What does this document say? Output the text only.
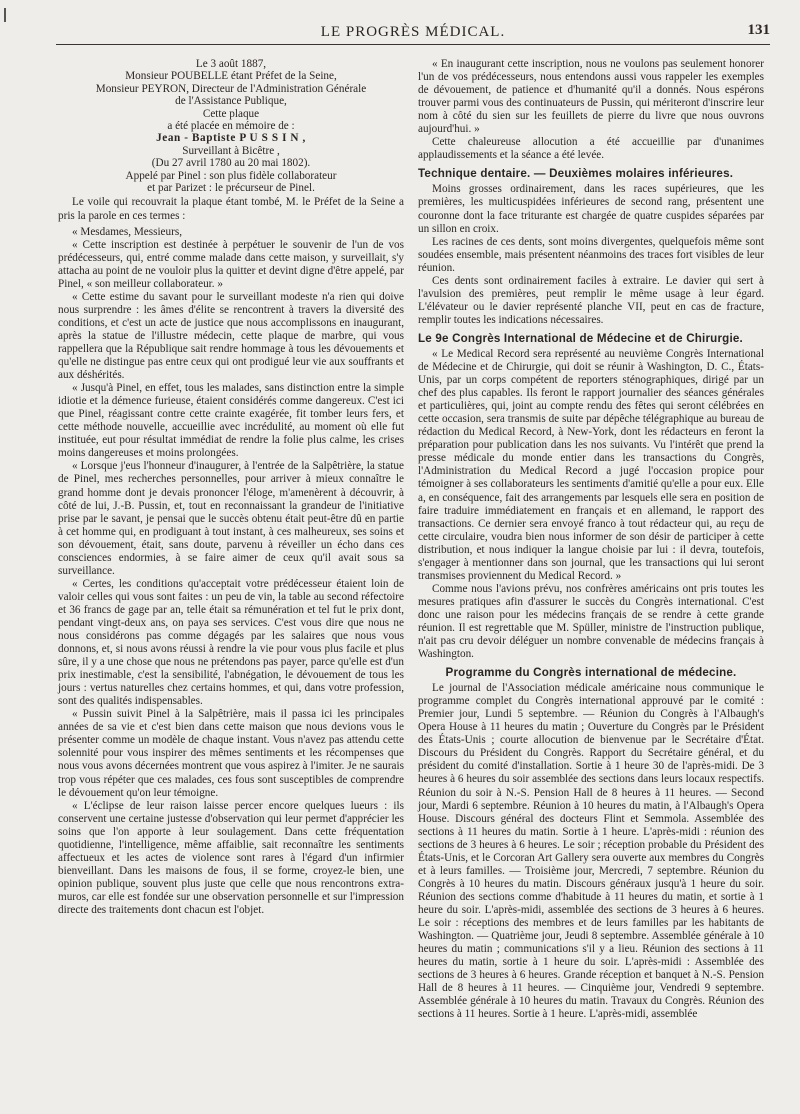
LE PROGRÈS MÉDICAL.	131

Le 3 août 1887,

Monsieur POUBELLE étant Préfet de la Seine,

Monsieur PEYRON, Directeur de l'Administration Générale

de l'Assistance Publique,

Cette plaque

a été placée en mémoire de :

Jean - Baptiste P U S S I N ,

Surveillant à Bicêtre ,

(Du 27 avril 1780 au 20 mai 1802).

Appelé par Pinel : son plus fidèle collaborateur

et par Parizet : le précurseur de Pinel.

Le voile qui recouvrait la plaque étant tombé, M. le Préfet de la Seine a pris la parole en ces termes :

« Mesdames, Messieurs,

« Cette inscription est destinée à perpétuer le souvenir de l'un de vos prédécesseurs, qui, entré comme malade dans cette maison, y surveillait, s'y attacha au point de ne vouloir plus la quitter et devint digne d'être appelé, par Pinel, « son meilleur collaborateur. »

« Cette estime du savant pour le surveillant modeste n'a rien qui doive nous surprendre : les âmes d'élite se rencontrent à travers la diversité des conditions, et c'est un acte de justice que nous accomplissons en inaugurant, après la statue de l'illustre médecin, cette plaque de marbre, qui vous rappellera que la République sait rendre hommage à tous les dévouements et qu'elle ne distingue pas entre ceux qui ont prodigué leur vie aux souffrants et aux déshérités.

« Jusqu'à Pinel, en effet, tous les malades, sans distinction entre la simple idiotie et la démence furieuse, étaient considérés comme dangereux. C'est ici que Pinel, réagissant contre cette crainte exagérée, fit tomber leurs fers, et cette méthode nouvelle, accueillie avec incrédulité, au moment où elle fut instituée, eut pour résultat immédiat de rendre la folie plus calme, les crises moins dangereuses et moins prolongées.

« Lorsque j'eus l'honneur d'inaugurer, à l'entrée de la Salpêtrière, la statue de Pinel, mes recherches personnelles, pour arriver à mieux connaître le grand homme dont je devais prononcer l'éloge, m'amenèrent à découvrir, à côté de lui, J.-B. Pussin, et, tout en reconnaissant la grandeur de l'initiative prise par le savant, je pensai que le succès obtenu était peut-être dû en partie à cet homme qui, en prodiguant à tout instant, à ces malheureux, ses soins et son dévouement, était, sans doute, parvenu à réveiller un écho dans ces consciences endormies, à se faire aimer de ceux qu'il avait sous sa surveillance.

« Certes, les conditions qu'acceptait votre prédécesseur étaient loin de valoir celles qui vous sont faites : un peu de vin, la table au second réfectoire et 36 francs de gage par an, telle était sa rémunération et tel fut le prix dont, pendant vingt-deux ans, on paya ses services. C'est vous dire que nous ne nous considérons pas comme dégagés par les salaires que nous vous donnons, et, si nous avons réussi à rendre la vie pour vous plus facile et plus sûre, il y a une chose que nous ne prétendons pas payer, parce qu'elle est d'un prix inestimable, c'est la sensibilité, l'abnégation, le dévouement de tous les jours : vertus naturelles chez certains hommes, et qui, dans votre profession, sont des qualités indispensables.

« Pussin suivit Pinel à la Salpêtrière, mais il passa ici les principales années de sa vie et c'est bien dans cette maison que nous devions vous le présenter comme un modèle de chaque instant. Vous n'avez pas attendu cette solennité pour vous inspirer des mêmes sentiments et les récompenses que nous vous avons décernées montrent que vous aspirez à l'imiter. Je ne saurais trop vous répéter que ces malades, ces fous sont susceptibles de comprendre le dévouement qu'on leur témoigne.

« L'éclipse de leur raison laisse percer encore quelques lueurs : ils conservent une certaine justesse d'observation qui leur permet d'apprécier les soins que l'on apporte à leur soulagement. Dans cette fréquentation quotidienne, l'intelligence, même affaiblie, sait reconnaître les sentiments affectueux et les actes de violence sont rares à l'égard d'un infirmier bienveillant. Dans les maisons de fous, il se forme, croyez-le bien, une opinion publique, souvent plus juste que celle que nous rencontrons extra-muros, car elle est fondée sur une observation personnelle et sur l'impression directe des traitements dont chacun est l'objet.

« En inaugurant cette inscription, nous ne voulons pas seulement honorer l'un de vos prédécesseurs, nous entendons aussi vous rappeler les exemples de dévouement, de patience et d'humanité qu'il a donnés. Nous espérons trouver parmi vous des continuateurs de Pussin, qui mériteront d'inscrire leur nom à côté du sien sur les feuillets de pierre du livre que nous ouvrons aujourd'hui. »

Cette chaleureuse allocution a été accueillie par d'unanimes applaudissements et la séance a été levée.

Technique dentaire. — Deuxièmes molaires inférieures.

Moins grosses ordinairement, dans les races supérieures, que les premières, les multicuspidées inférieures de second rang, présentent une couronne dont la face triturante est chargée de quatre cuspides séparées par un sillon en croix.

Les racines de ces dents, sont moins divergentes, quelquefois même sont soudées ensemble, mais présentent néanmoins des traces fort visibles de leur réunion.

Ces dents sont ordinairement faciles à extraire. Le davier qui sert à l'avulsion des premières, peut remplir le même usage à leur égard. L'élévateur ou le davier représenté planche VII, peut en cas de fracture, remplir toutes les indications nécessaires.

Le 9e Congrès International de Médecine et de Chirurgie.

« Le Medical Record sera représenté au neuvième Congrès International de Médecine et de Chirurgie, qui doit se réunir à Washington, D. C., États-Unis, par un corps compétent de reporters sténographiques, dirigé par un chef des plus capables. Ils feront le rapport journalier des séances générales et particulières, qui, joint au compte rendu des fêtes qui seront célébrées en cette occasion, sera transmis de suite par dépêche télégraphique au bureau de rédaction du Medical Record, à New-York, dont les rédacteurs en feront la préparation pour publication dans les nos suivants. Vu l'intérêt que prend la presse médicale du monde entier dans les transactions du Congrès, l'Administration du Medical Record a jugé l'occasion propice pour témoigner à ses collaborateurs les sentiments d'amitié qu'elle a pour eux. Elle a, en conséquence, fait des arrangements par lesquels elle sera en position de faire traduire immédiatement en français et en allemand, le rapport des transactions. Ce dernier sera envoyé franco à tout rédacteur qui, au reçu de cette circulaire, voudra bien nous informer de son désir de participer à cette distribution, et nous indiquer la langue choisie par lui : il devra, toutefois, s'engager à mentionner dans son journal, que les transactions qui lui seront transmises proviennent du Medical Record. »

Comme nous l'avions prévu, nos confrères américains ont pris toutes les mesures pratiques afin d'assurer le succès du Congrès international. C'est donc une raison pour les médecins français de se rendre à cette grande réunion. Il est regrettable que M. Spüller, ministre de l'instruction publique, n'ait pas cru devoir déléguer un nombre convenable de médecins français à Washington.

Programme du Congrès international de médecine.

Le journal de l'Association médicale américaine nous communique le programme complet du Congrès international approuvé par le comité : Premier jour, Lundi 5 septembre. — Réunion du Congrès à l'Albaugh's Opera House à 11 heures du matin ; Ouverture du Congrès par le Président des États-Unis ; courte allocution de bienvenue par le Secrétaire d'État. Discours du Président du Congrès. Rapport du Secrétaire général, et du président du comité d'installation. Sortie à 1 heure 30 de l'après-midi. De 3 heures à 6 heures du soir assemblée des sections dans leurs locaux respectifs. Réunion du soir à N.-S. Pension Hall de 8 heures à 11 heures. — Second jour, Mardi 6 septembre. Réunion à 10 heures du matin, à l'Albaugh's Opera House. Discours général des docteurs Flint et Semmola. Assemblée des sections à 11 heures du matin. Sortie à 1 heure. L'après-midi : réunion des sections de 3 heures à 6 heures. Le soir ; réception probable du Président des États-Unis, et le Corcoran Art Gallery sera ouverte aux membres du Congrès et à leurs familles. — Troisième jour, Mercredi, 7 septembre. Réunion du Congrès à 10 heures du matin. Discours généraux jusqu'à 1 heure du soir. Réunion des sections comme d'habitude à 11 heures du matin, et sortie à 1 heure du soir. L'après-midi, assemblée des sections de 3 heures à 6 heures. Le soir : réceptions des membres et de leurs familles par les habitants de Washington. — Quatrième jour, Jeudi 8 septembre. Assemblée générale à 10 heures du matin ; communications s'il y a lieu. Réunion des sections à 11 heures du matin, sortie à 1 heure du soir. L'après-midi : Assemblée des sections de 3 heures à 6 heures. Grande réception et banquet à N.-S. Pension Hall de 8 heures à 11 heures. — Cinquième jour, Vendredi 9 septembre. Assemblée générale à 10 heures du matin. Travaux du Congrès. Réunion des sections à 11 heures. Sortie à 1 heure. L'après-midi, assemblée
